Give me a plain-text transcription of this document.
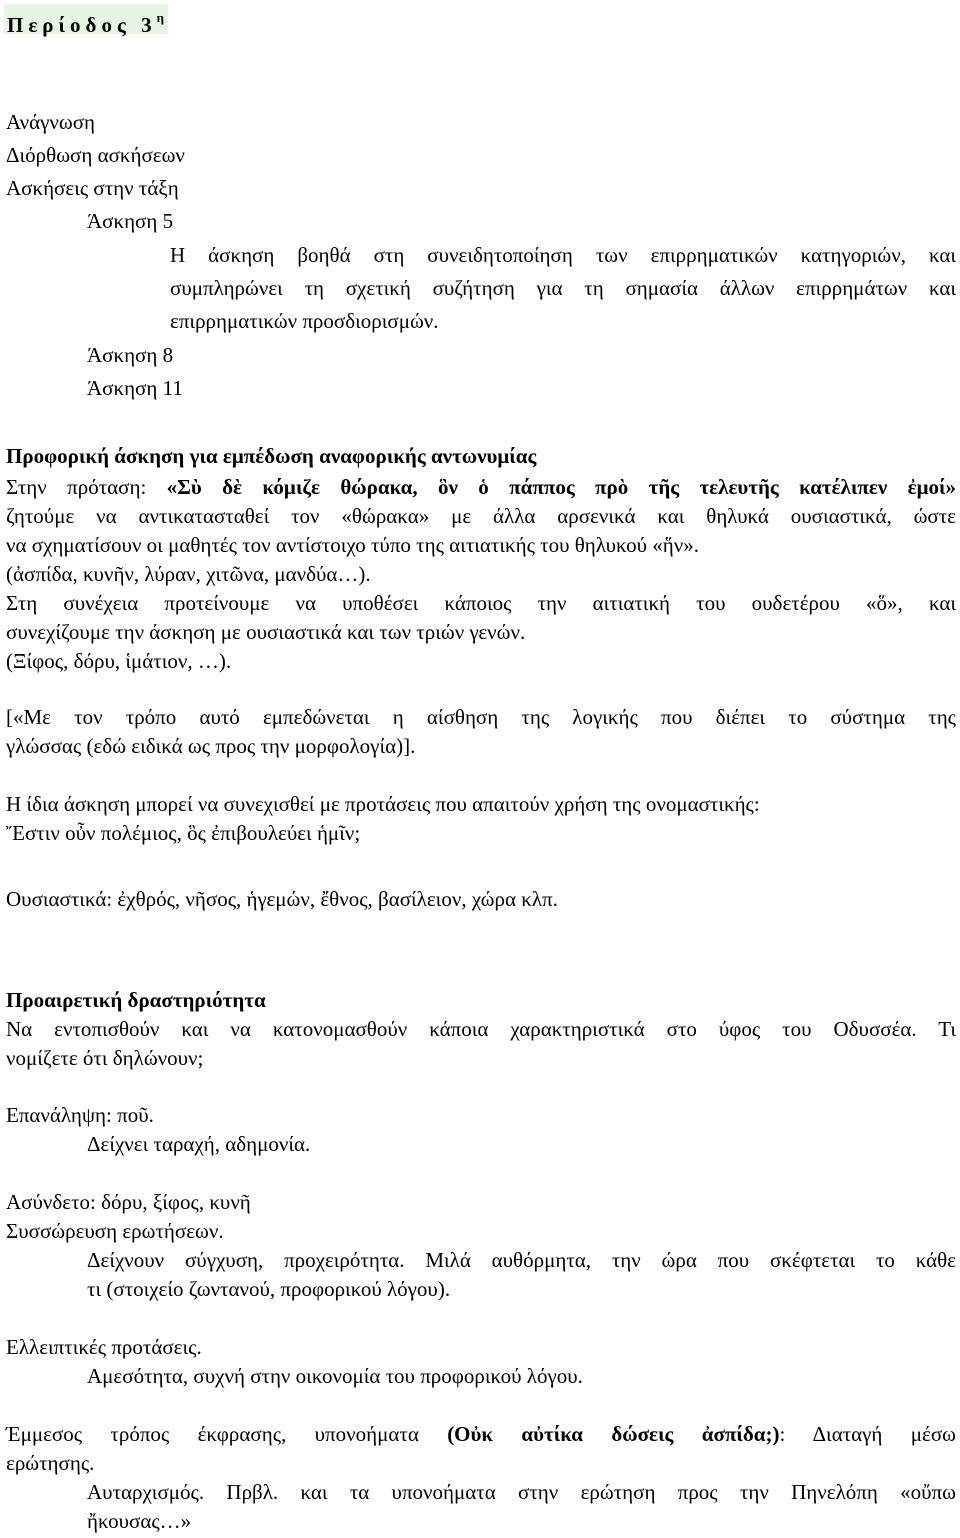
Περίοδος $3^\eta$

Ανάγνωση

Διόρθωση ασκήσεων

Ασκήσεις στην τάξη

Άσκηση 5

Η άσκηση βοηθά στη συνειδητοποίηση των επιρρηματικών κατηγοριών, και

συμπληρώνει τη σχετική συζήτηση για τη σημασία άλλων επιρρημάτων και

επιρρηματικών προσδιορισμών.

Άσκηση 8

Άσκηση 11

Προφορική άσκηση για εμπέδωση αναφορικής αντωνυμίας

Στην πρόταση: «Σὺ δὲ κόμιζε θώρακα, ὃν ὁ πάππος πρὸ τῆς τελευτῆς κατέλιπεν ἐμοί»

ζητούμε να αντικατασταθεί τον «θώρακα» με άλλα αρσενικά και θηλυκά ουσιαστικά, ώστε

να σχηματίσουν οι μαθητές τον αντίστοιχο τύπο της αιτιατικής του θηλυκού «ἥν».

(ἀσπίδα, κυνῆν, λύραν, χιτῶνα, μανδύα…).

Στη συνέχεια προτείνουμε να υποθέσει κάποιος την αιτιατική του ουδετέρου «ὅ», και

συνεχίζουμε την άσκηση με ουσιαστικά και των τριών γενών.

(Ξίφος, δόρυ, ἱμάτιον, …).

[«Με τον τρόπο αυτό εμπεδώνεται η αίσθηση της λογικής που διέπει το σύστημα της

γλώσσας (εδώ ειδικά ως προς την μορφολογία)].

Η ίδια άσκηση μπορεί να συνεχισθεί με προτάσεις που απαιτούν χρήση της ονομαστικής:

Ἔστιν οὖν πολέμιος, ὃς ἐπιβουλεύει ἡμῖν;

Ουσιαστικά: ἐχθρός, νῆσος, ἡγεμών, ἔθνος, βασίλειον, χώρα κλπ.

Προαιρετική δραστηριότητα

Να εντοπισθούν και να κατονομασθούν κάποια χαρακτηριστικά στο ύφος του Οδυσσέα. Τι

νομίζετε ότι δηλώνουν;

Επανάληψη: ποῦ.

Δείχνει ταραχή, αδημονία.

Ασύνδετο: δόρυ, ξίφος, κυνῆ

Συσσώρευση ερωτήσεων.

Δείχνουν σύγχυση, προχειρότητα. Μιλά αυθόρμητα, την ώρα που σκέφτεται το κάθε

τι (στοιχείο ζωντανού, προφορικού λόγου).

Ελλειπτικές προτάσεις.

Αμεσότητα, συχνή στην οικονομία του προφορικού λόγου.

Έμμεσος τρόπος έκφρασης, υπονοήματα (Οὐκ αὐτίκα δώσεις ἀσπίδα;): Διαταγή μέσω

ερώτησης.

Αυταρχισμός. Πρβλ. και τα υπονοήματα στην ερώτηση προς την Πηνελόπη «οὔπω

ἤκουσας…»
